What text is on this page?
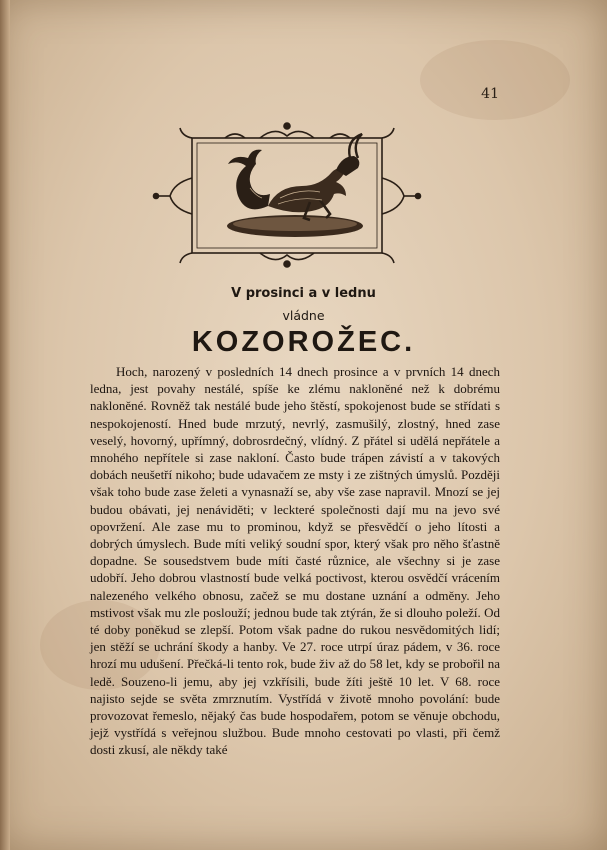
41
V prosinci a v lednu
vládne
KOZOROŽEC.
Hoch, narozený v posledních 14 dnech prosince a v prvních 14 dnech ledna, jest povahy nestálé, spíše ke zlému nakloněné než k dobrému nakloněné. Rovněž tak nestálé bude jeho štěstí, spokojenost bude se střídati s nespokojeností. Hned bude mrzutý, nevrlý, zasmušilý, zlostný, hned zase veselý, hovorný, upřímný, dobrosrdečný, vlídný. Z přátel si udělá nepřátele a mnohého nepřítele si zase nakloní. Často bude trápen závistí a v takových dobách neušetří nikoho; bude udavačem ze msty i ze zištných úmyslů. Později však toho bude zase želeti a vynasnaží se, aby vše zase napravil. Mnozí se jej budou obávati, jej nenáviděti; v leckteré společnosti dají mu na jevo své opovržení. Ale zase mu to prominou, když se přesvědčí o jeho lítosti a dobrých úmyslech. Bude míti veliký soudní spor, který však pro něho šťastně dopadne. Se sousedstvem bude míti časté různice, ale všechny si je zase udobří. Jeho dobrou vlastností bude velká poctivost, kterou osvědčí vrácením nalezeného velkého obnosu, začež se mu dostane uznání a odměny. Jeho mstivost však mu zle poslouží; jednou bude tak ztýrán, že si dlouho poleží. Od té doby poněkud se zlepší. Potom však padne do rukou nesvědomitých lidí; jen stěží se uchrání škody a hanby. Ve 27. roce utrpí úraz pádem, v 36. roce hrozí mu udušení. Přečká-li tento rok, bude živ až do 58 let, kdy se probořil na ledě. Souzeno-li jemu, aby jej vzkřísili, bude žíti ještě 10 let. V 68. roce najisto sejde se světa zmrznutím. Vystřídá v životě mnoho povolání: bude provozovat řemeslo, nějaký čas bude hospodařem, potom se věnuje obchodu, jejž vystřídá s veřejnou službou. Bude mnoho cestovati po vlasti, při čemž dosti zkusí, ale někdy také
